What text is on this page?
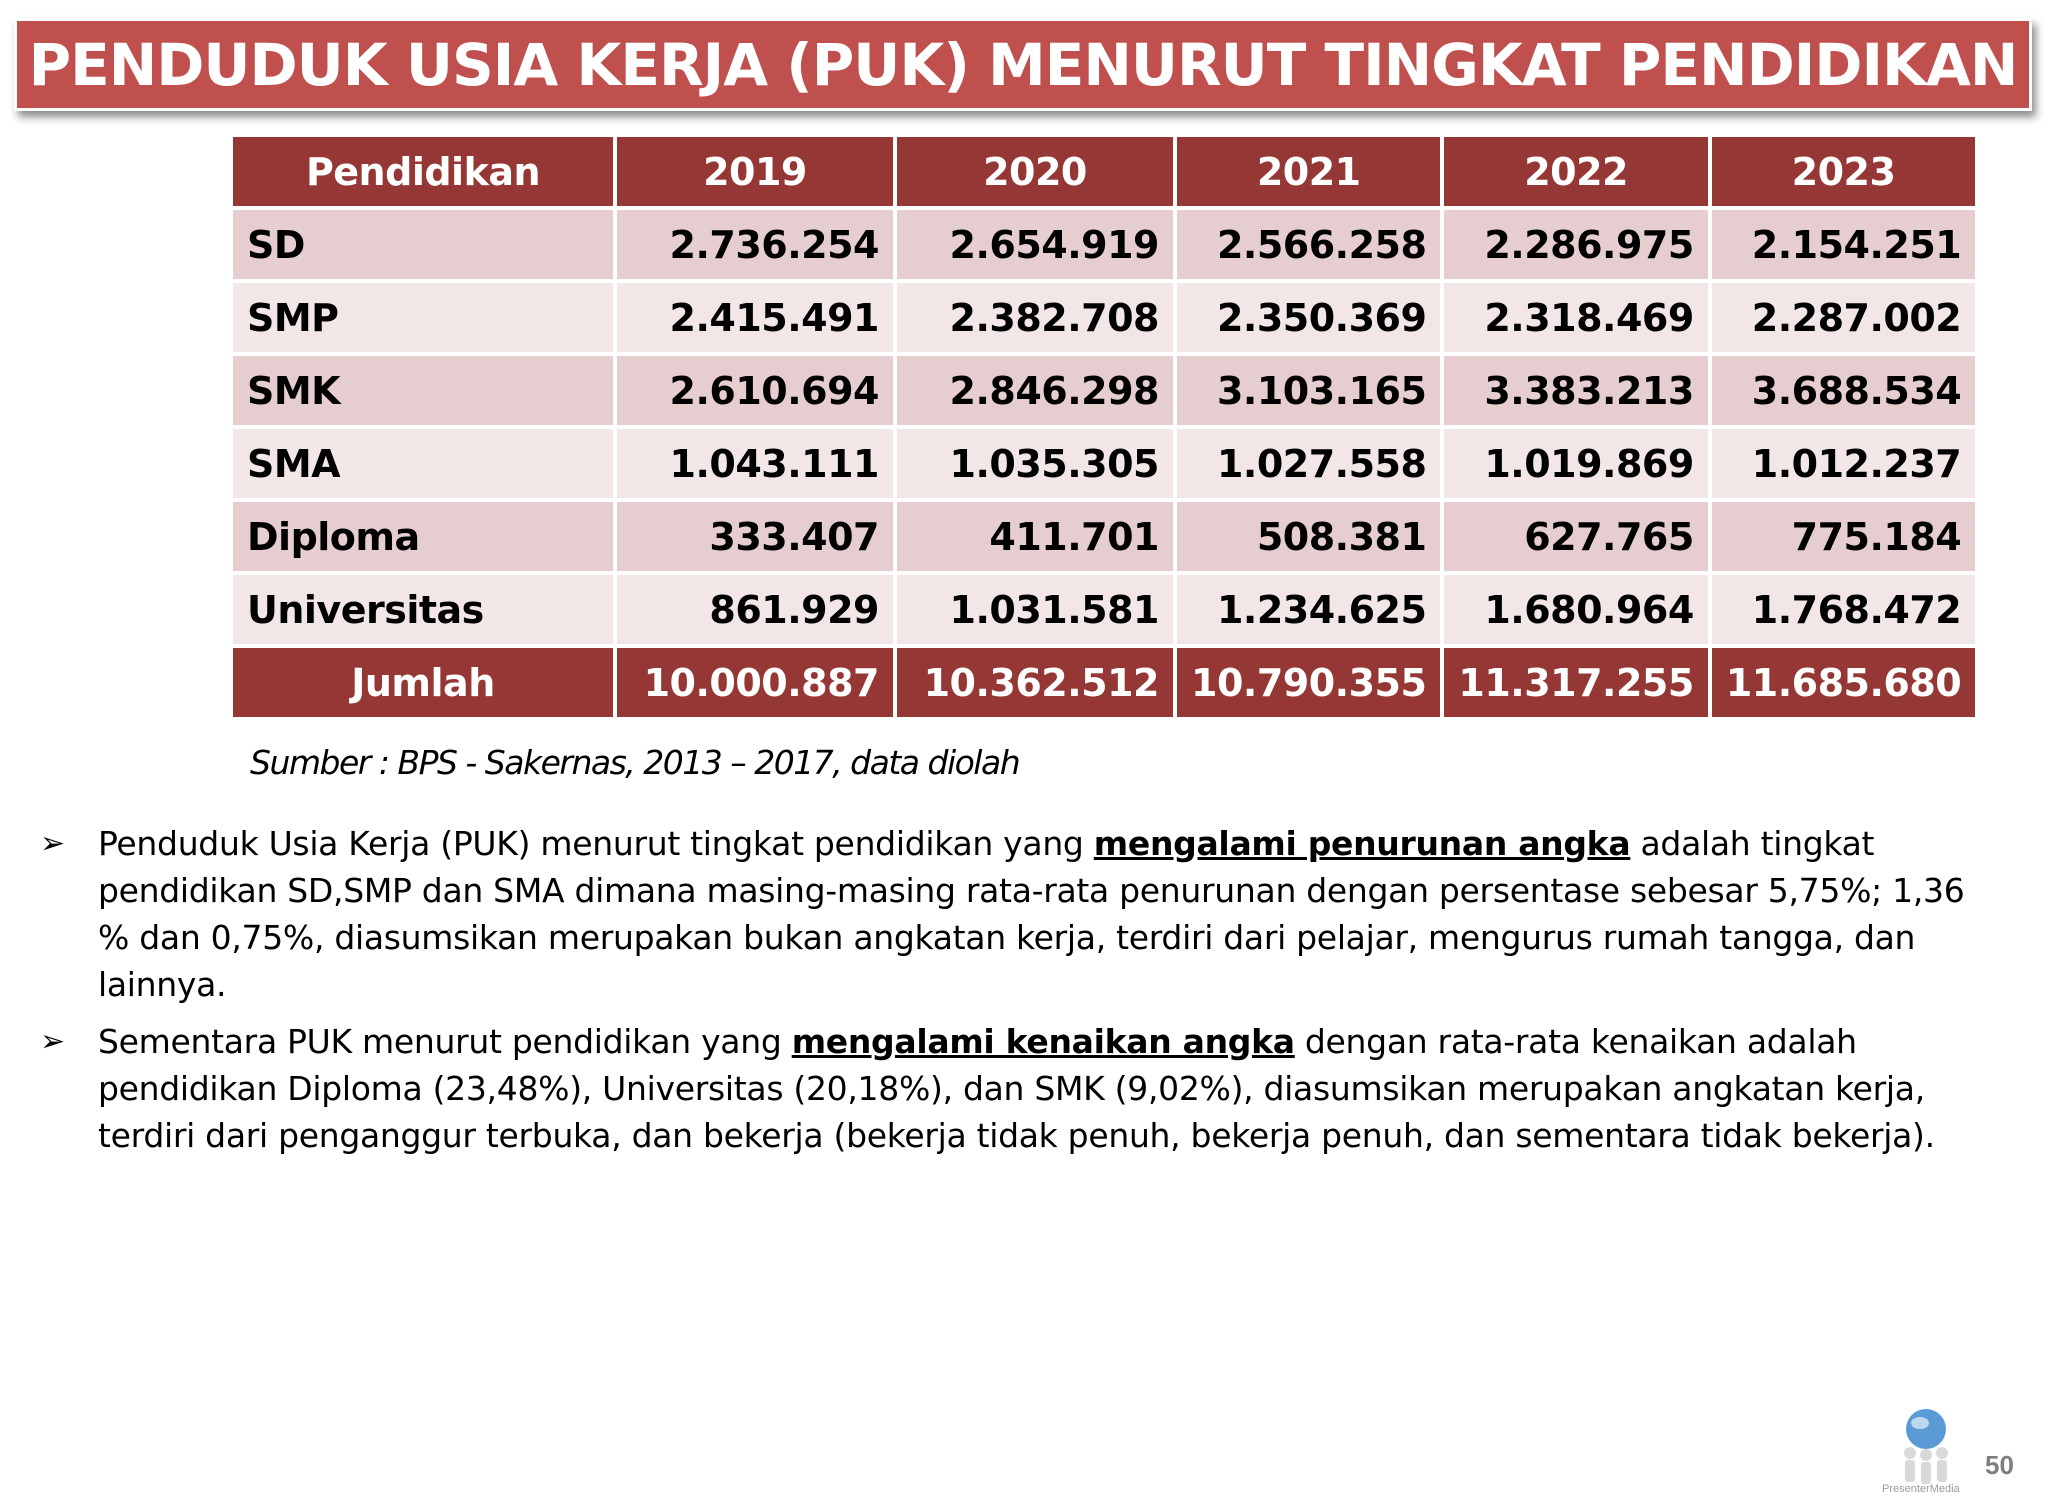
PENDUDUK USIA KERJA (PUK) MENURUT TINGKAT PENDIDIKAN
Pendidikan	2019	2020	2021	2022	2023
SD	2.736.254	2.654.919	2.566.258	2.286.975	2.154.251
SMP	2.415.491	2.382.708	2.350.369	2.318.469	2.287.002
SMK	2.610.694	2.846.298	3.103.165	3.383.213	3.688.534
SMA	1.043.111	1.035.305	1.027.558	1.019.869	1.012.237
Diploma	333.407	411.701	508.381	627.765	775.184
Universitas	861.929	1.031.581	1.234.625	1.680.964	1.768.472
Jumlah	10.000.887	10.362.512	10.790.355	11.317.255	11.685.680
Sumber : BPS - Sakernas, 2013 – 2017, data diolah
➢ Penduduk Usia Kerja (PUK) menurut tingkat pendidikan yang mengalami penurunan angka adalah tingkat pendidikan SD,SMP dan SMA dimana masing-masing rata-rata penurunan dengan persentase sebesar 5,75%; 1,36 % dan 0,75%, diasumsikan merupakan bukan angkatan kerja, terdiri dari pelajar, mengurus rumah tangga, dan lainnya.
➢ Sementara PUK menurut pendidikan yang mengalami kenaikan angka dengan rata-rata kenaikan adalah pendidikan Diploma (23,48%), Universitas (20,18%), dan SMK (9,02%), diasumsikan merupakan angkatan kerja, terdiri dari penganggur terbuka, dan bekerja (bekerja tidak penuh, bekerja penuh, dan sementara tidak bekerja).
PresenterMedia
50
